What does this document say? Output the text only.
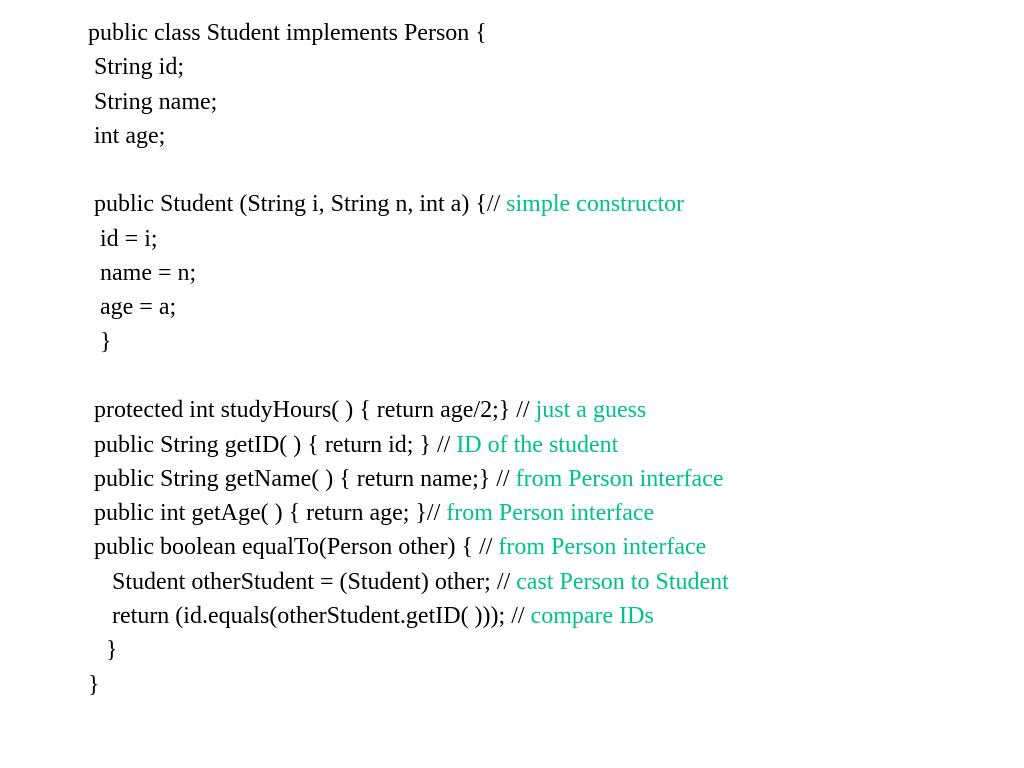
public class Student implements Person {
String id;
String name;
int age;
public Student (String i, String n, int a) {// simple constructor
id = i;
name = n;
age = a;
}
protected int studyHours( ) { return age/2;} // just a guess
public String getID( ) { return id; } // ID of the student
public String getName( ) { return name;} // from Person interface
public int getAge( ) { return age; }// from Person interface
public boolean equalTo(Person other) { // from Person interface
Student otherStudent = (Student) other; // cast Person to Student
return (id.equals(otherStudent.getID( ))); // compare IDs
}
}
